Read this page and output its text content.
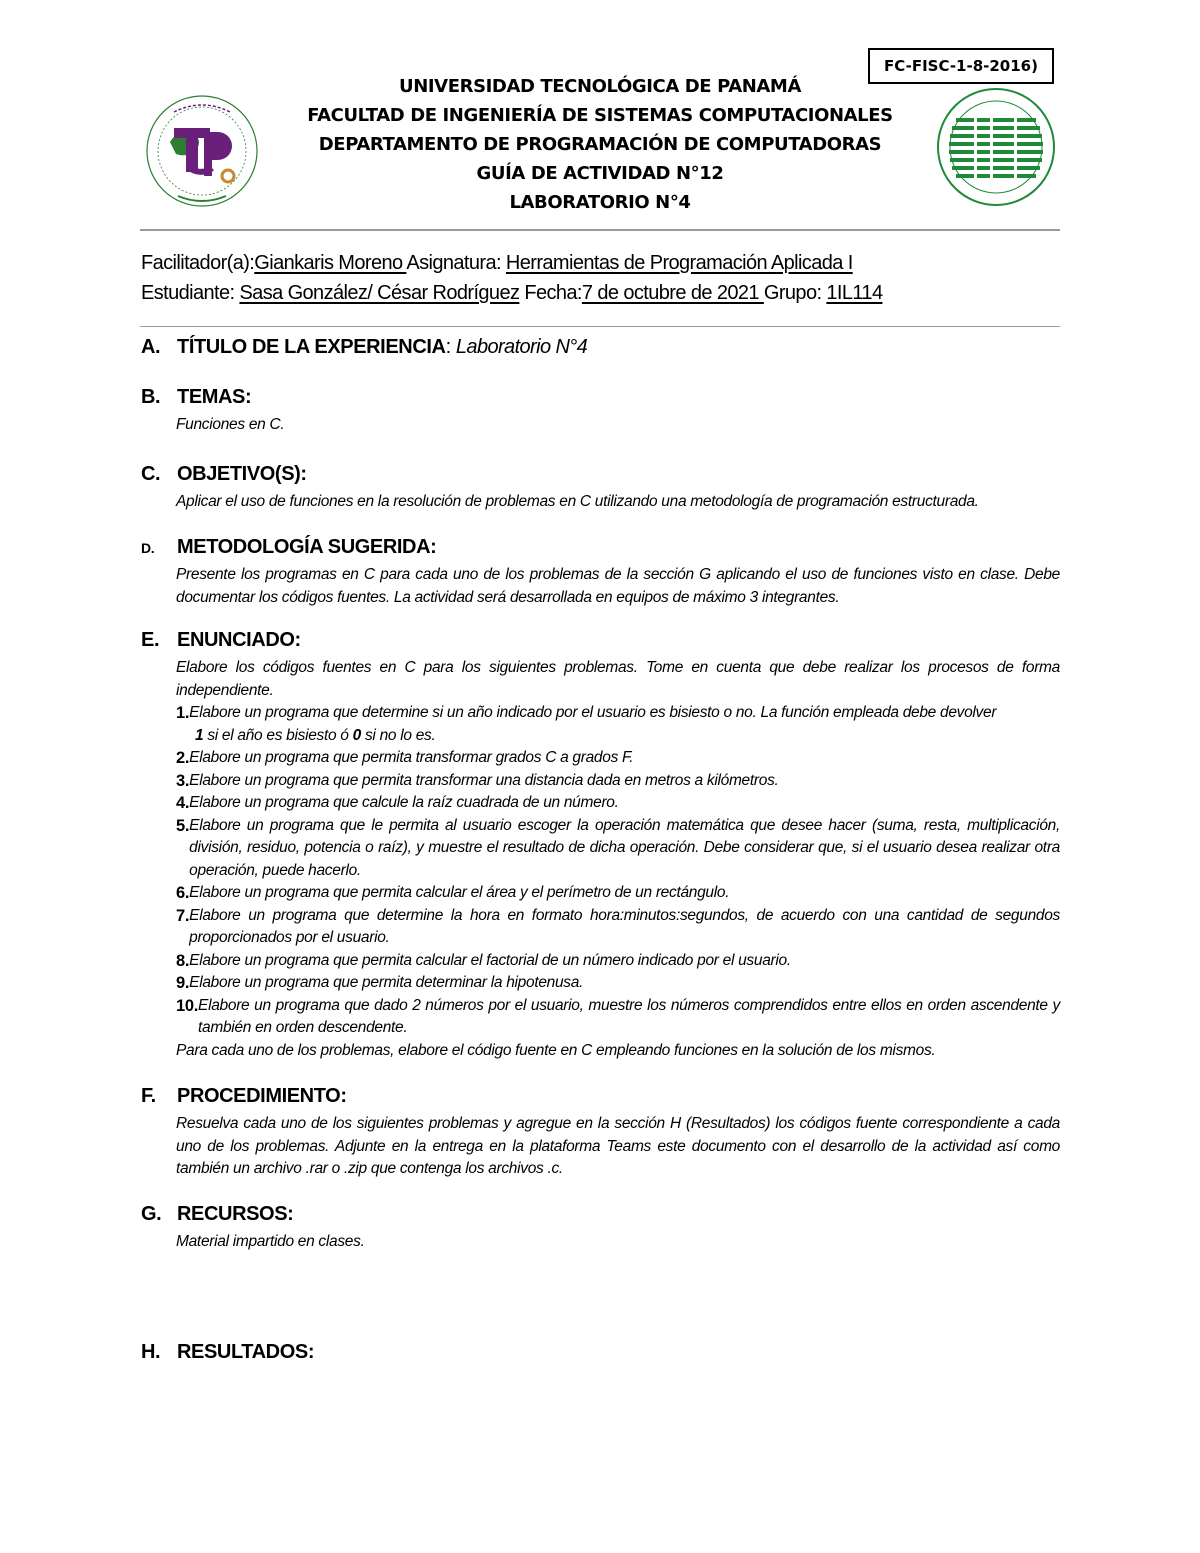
FC-FISC-1-8-2016)
UNIVERSIDAD TECNOLÓGICA DE PANAMÁ
FACULTAD DE INGENIERÍA DE SISTEMAS COMPUTACIONALES
DEPARTAMENTO DE PROGRAMACIÓN DE COMPUTADORAS
GUÍA DE ACTIVIDAD N°12
LABORATORIO N°4
Facilitador(a):Giankaris Moreno Asignatura: Herramientas de Programación Aplicada I
Estudiante: Sasa González/ César Rodríguez Fecha:7 de octubre de 2021 Grupo: 1IL114
A. TÍTULO DE LA EXPERIENCIA: Laboratorio N°4
B. TEMAS:
Funciones en C.
C. OBJETIVO(S):
Aplicar el uso de funciones en la resolución de problemas en C utilizando una metodología de programación estructurada.
D. METODOLOGÍA SUGERIDA:
Presente los programas en C para cada uno de los problemas de la sección G aplicando el uso de funciones visto en clase. Debe documentar los códigos fuentes. La actividad será desarrollada en equipos de máximo 3 integrantes.
E. ENUNCIADO:
Elabore los códigos fuentes en C para los siguientes problemas. Tome en cuenta que debe realizar los procesos de forma independiente.
1. Elabore un programa que determine si un año indicado por el usuario es bisiesto o no. La función empleada debe devolver
1 si el año es bisiesto ó 0 si no lo es.
2. Elabore un programa que permita transformar grados C a grados F.
3. Elabore un programa que permita transformar una distancia dada en metros a kilómetros.
4. Elabore un programa que calcule la raíz cuadrada de un número.
5. Elabore un programa que le permita al usuario escoger la operación matemática que desee hacer (suma, resta, multiplicación, división, residuo, potencia o raíz), y muestre el resultado de dicha operación. Debe considerar que, si el usuario desea realizar otra operación, puede hacerlo.
6. Elabore un programa que permita calcular el área y el perímetro de un rectángulo.
7. Elabore un programa que determine la hora en formato hora:minutos:segundos, de acuerdo con una cantidad de segundos proporcionados por el usuario.
8. Elabore un programa que permita calcular el factorial de un número indicado por el usuario.
9. Elabore un programa que permita determinar la hipotenusa.
10. Elabore un programa que dado 2 números por el usuario, muestre los números comprendidos entre ellos en orden ascendente y también en orden descendente.
Para cada uno de los problemas, elabore el código fuente en C empleando funciones en la solución de los mismos.
F. PROCEDIMIENTO:
Resuelva cada uno de los siguientes problemas y agregue en la sección H (Resultados) los códigos fuente correspondiente a cada uno de los problemas. Adjunte en la entrega en la plataforma Teams este documento con el desarrollo de la actividad así como también un archivo .rar o .zip que contenga los archivos .c.
G. RECURSOS:
Material impartido en clases.
H. RESULTADOS:
